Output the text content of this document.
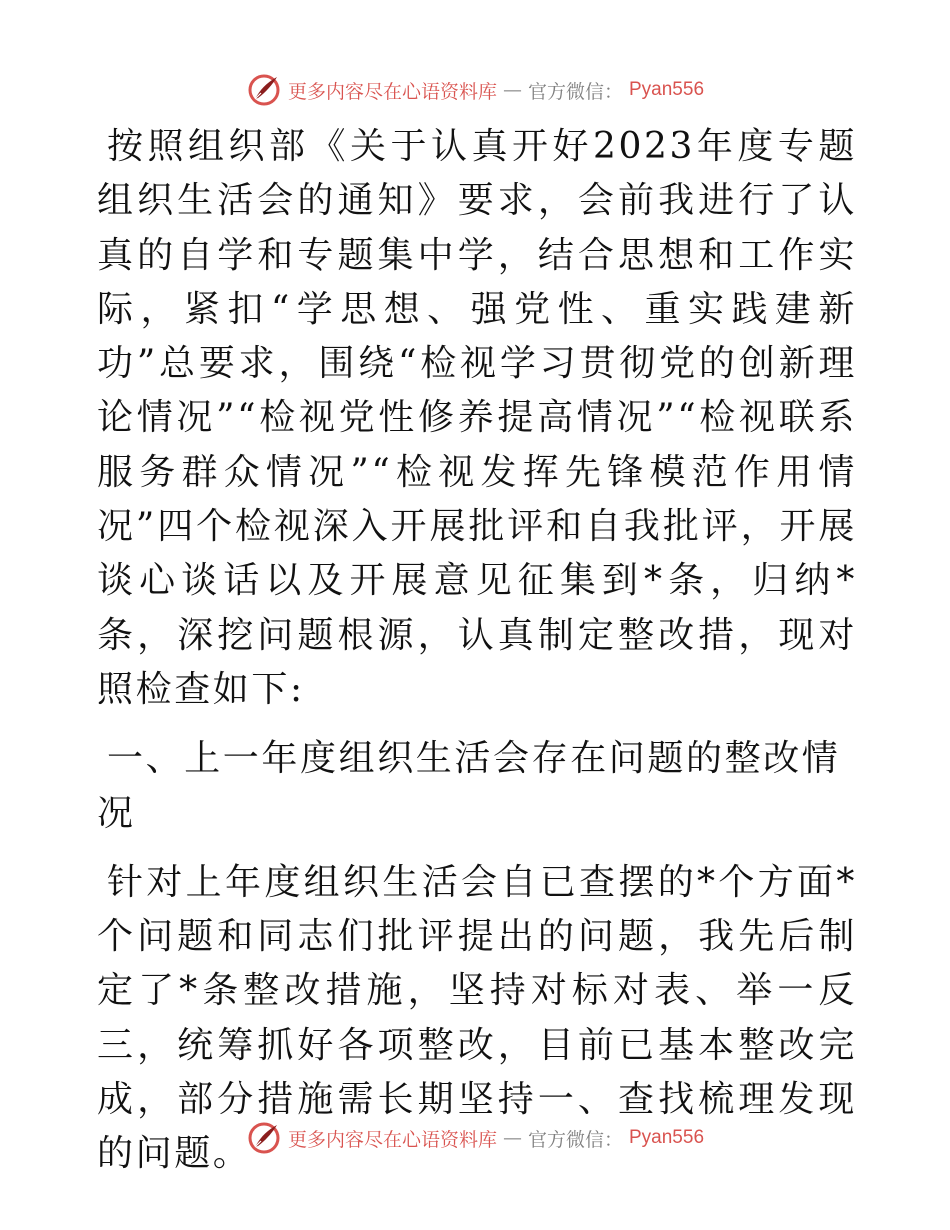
更多内容尽在心语资料库 — 官方微信： Pyan556

按照组织部《关于认真开好2023年度专题组织生活会的通知》要求，会前我进行了认真的自学和专题集中学，结合思想和工作实际，紧扣“学思想、强党性、重实践建新功”总要求，围绕“检视学习贯彻党的创新理论情况”“检视党性修养提高情况”“检视联系服务群众情况”“检视发挥先锋模范作用情况”四个检视深入开展批评和自我批评，开展谈心谈话以及开展意见征集到*条，归纳*条，深挖问题根源，认真制定整改措，现对照检查如下:

一、上一年度组织生活会存在问题的整改情况

针对上年度组织生活会自已查摆的*个方面*个问题和同志们批评提出的问题，我先后制定了*条整改措施，坚持对标对表、举一反三，统筹抓好各项整改，目前已基本整改完成，部分措施需长期坚持一、查找梳理发现的问题。	更多内容尽在心语资料库 — 官方微信： Pyan556
